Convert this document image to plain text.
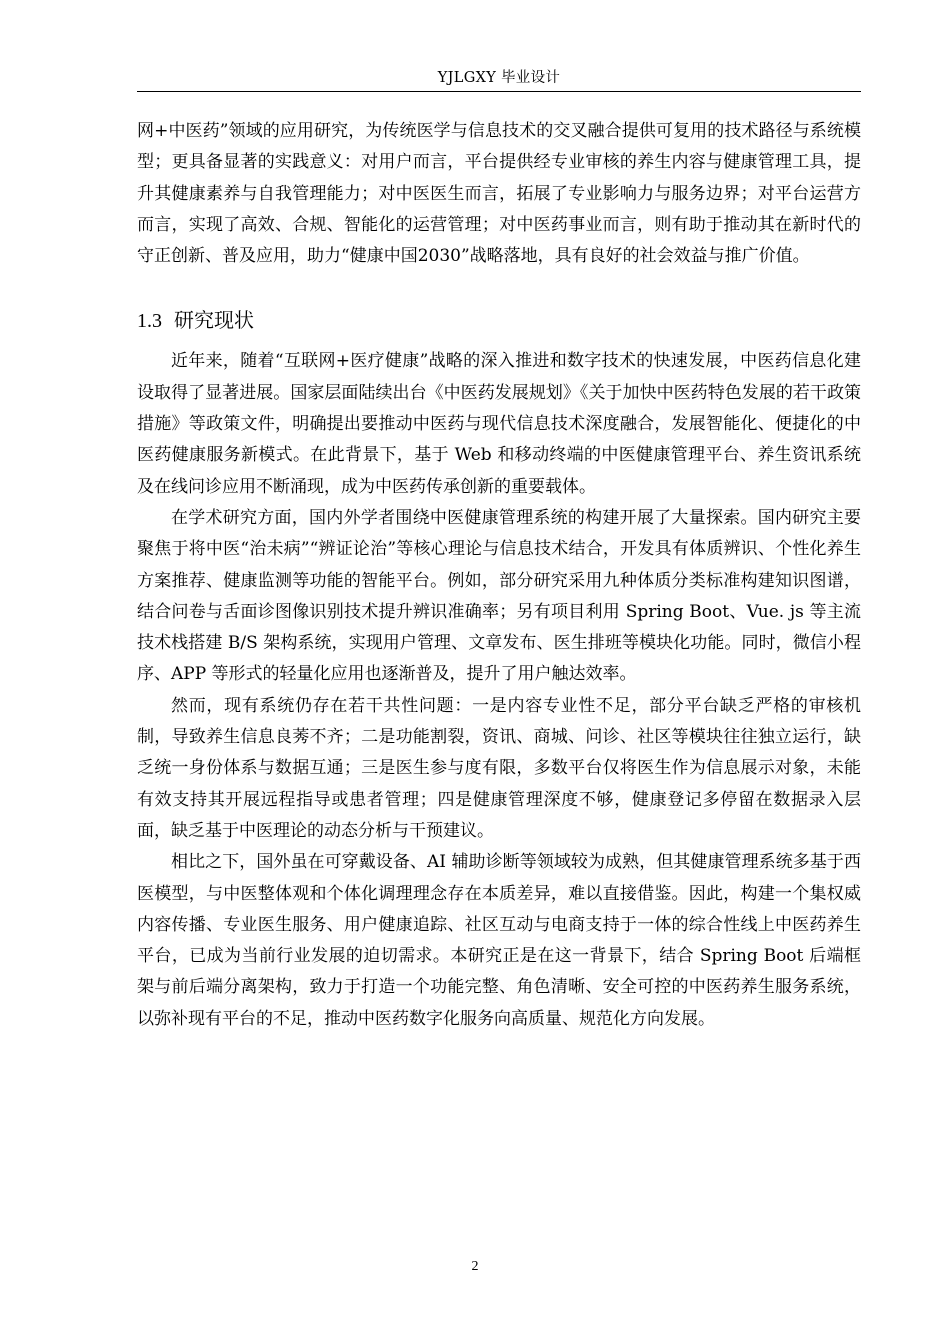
YJLGXY 毕业设计

网+中医药”领域的应用研究，为传统医学与信息技术的交叉融合提供可复用的技术路径与系统模型；更具备显著的实践意义：对用户而言，平台提供经专业审核的养生内容与健康管理工具，提升其健康素养与自我管理能力；对中医医生而言，拓展了专业影响力与服务边界；对平台运营方而言，实现了高效、合规、智能化的运营管理；对中医药事业而言，则有助于推动其在新时代的守正创新、普及应用，助力“健康中国2030”战略落地，具有良好的社会效益与推广价值。

1.3 研究现状

近年来，随着“互联网+医疗健康”战略的深入推进和数字技术的快速发展，中医药信息化建设取得了显著进展。国家层面陆续出台《中医药发展规划》《关于加快中医药特色发展的若干政策措施》等政策文件，明确提出要推动中医药与现代信息技术深度融合，发展智能化、便捷化的中医药健康服务新模式。在此背景下，基于 Web 和移动终端的中医健康管理平台、养生资讯系统及在线问诊应用不断涌现，成为中医药传承创新的重要载体。

在学术研究方面，国内外学者围绕中医健康管理系统的构建开展了大量探索。国内研究主要聚焦于将中医“治未病”“辨证论治”等核心理论与信息技术结合，开发具有体质辨识、个性化养生方案推荐、健康监测等功能的智能平台。例如，部分研究采用九种体质分类标准构建知识图谱，结合问卷与舌面诊图像识别技术提升辨识准确率；另有项目利用 Spring Boot、Vue. js 等主流技术栈搭建 B/S 架构系统，实现用户管理、文章发布、医生排班等模块化功能。同时，微信小程序、APP 等形式的轻量化应用也逐渐普及，提升了用户触达效率。

然而，现有系统仍存在若干共性问题：一是内容专业性不足，部分平台缺乏严格的审核机制，导致养生信息良莠不齐；二是功能割裂，资讯、商城、问诊、社区等模块往往独立运行，缺乏统一身份体系与数据互通；三是医生参与度有限，多数平台仅将医生作为信息展示对象，未能有效支持其开展远程指导或患者管理；四是健康管理深度不够，健康登记多停留在数据录入层面，缺乏基于中医理论的动态分析与干预建议。

相比之下，国外虽在可穿戴设备、AI 辅助诊断等领域较为成熟，但其健康管理系统多基于西医模型，与中医整体观和个体化调理理念存在本质差异，难以直接借鉴。因此，构建一个集权威内容传播、专业医生服务、用户健康追踪、社区互动与电商支持于一体的综合性线上中医药养生平台，已成为当前行业发展的迫切需求。本研究正是在这一背景下，结合 Spring Boot 后端框架与前后端分离架构，致力于打造一个功能完整、角色清晰、安全可控的中医药养生服务系统，以弥补现有平台的不足，推动中医药数字化服务向高质量、规范化方向发展。

2
